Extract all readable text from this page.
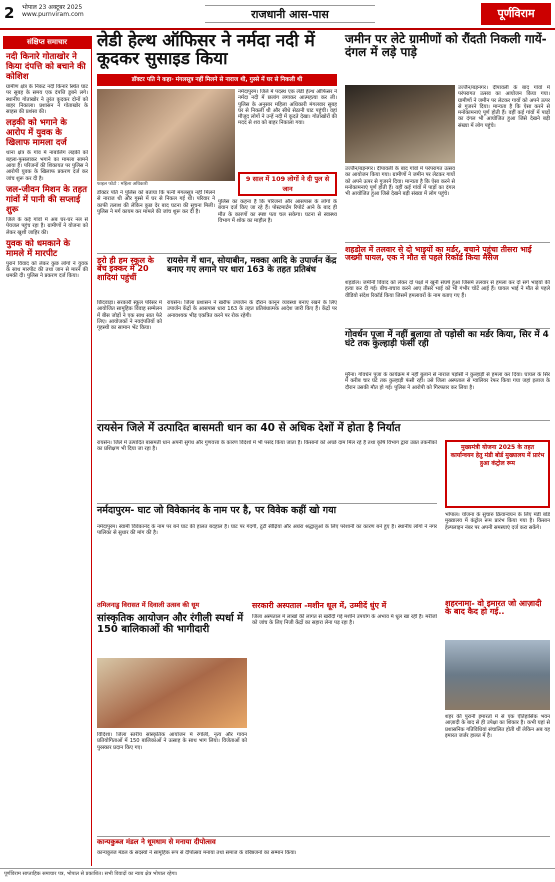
2 भोपाल 23 अक्टूबर 2025
www.purnviram.com	राजधानी आस-पास	पूर्णविराम
संक्षिप्त समाचार
नदी किनारे गोताखोर ने किया दंपत्ति को बचाने की कोशिश
ग्रामीण क्षेत्र के निकट नदी किनारे स्थित घाट पर सुबह के समय एक दंपत्ति डूबने लगे। स्थानीय गोताखोर ने तुरंत कूदकर दोनों को बाहर निकाला। प्रशासन ने गोताखोर के साहस की प्रशंसा की।
लड़की को भगाने के आरोप में युवक के खिलाफ मामला दर्ज
थाना क्षेत्र के गांव में नाबालिग लड़की को बहला-फुसलाकर भगाने का मामला सामने आया है। परिजनों की शिकायत पर पुलिस ने आरोपी युवक के खिलाफ प्रकरण दर्ज कर जांच शुरू कर दी है।
जल-जीवन मिशन के तहत गांवों में पानी की सप्लाई शुरू
जिले के कई गांवों में अब घर-घर नल से पेयजल पहुंच रहा है। ग्रामीणों ने योजना को लेकर खुशी जाहिर की।
युवक को धमकाने के मामले में मारपीट
पुराने विवाद को लेकर कुछ लोगों ने युवक के साथ मारपीट की तथा जान से मारने की धमकी दी। पुलिस ने प्रकरण दर्ज किया।
लेडी हेल्थ ऑफिसर ने नर्मदा नदी में कूदकर सुसाइड किया
डॉक्टर पति ने कहा- मंगलसूत्र नहीं मिलने से नाराज थी, गुस्से में घर से निकली थी
फाइल फोटो : महिला अधिकारी
नर्मदापुरम। जिले में पदस्थ एक लेडी हेल्थ ऑफिसर ने नर्मदा नदी में छलांग लगाकर आत्महत्या कर ली। पुलिस के अनुसार महिला अधिकारी मंगलवार सुबह घर से निकली थी और सीधे सेठानी घाट पहुंची। वहां मौजूद लोगों ने उन्हें नदी में कूदते देखा। गोताखोरों की मदद से शव को बाहर निकाला गया।
9 साल में 109 लोगों ने दी पुल से जान
डॉक्टर पति ने पुलिस को बताया कि पत्नी मंगलसूत्र नहीं मिलने से नाराज थी और गुस्से में घर से निकल गई थी। परिवार ने काफी तलाश की लेकिन कुछ देर बाद घटना की सूचना मिली। पुलिस ने मर्ग कायम कर मामले की जांच शुरू कर दी है।
पुलिस का कहना है कि परिजनों और आसपास के लोगों के बयान दर्ज किए जा रहे हैं। पोस्टमार्टम रिपोर्ट आने के बाद ही मौत के कारणों का स्पष्ट पता चल सकेगा। घटना से स्वास्थ्य विभाग में शोक का माहौल है।
जमीन पर लेटे ग्रामीणों को रौंदती निकली गायें- दंगल में लड़े पाड़े
उज्जैन/बड़नगर। दीपावली के बाद गांवों में परंपरागत उत्सव का आयोजन किया गया। ग्रामीणों ने जमीन पर लेटकर गायों को अपने ऊपर से गुजरने दिया। मान्यता है कि ऐसा करने से मनोकामनाएं पूर्ण होती हैं। वहीं कई गांवों में पाड़ों का दंगल भी आयोजित हुआ जिसे देखने बड़ी संख्या में लोग पहुंचे।
उज्जैन/बड़नगर। दीपावली के बाद गांवों में परंपरागत उत्सव का आयोजन किया गया। ग्रामीणों ने जमीन पर लेटकर गायों को अपने ऊपर से गुजरने दिया। मान्यता है कि ऐसा करने से मनोकामनाएं पूर्ण होती हैं। वहीं कई गांवों में पाड़ों का दंगल भी आयोजित हुआ जिसे देखने बड़ी संख्या में लोग पहुंचे।
शहडोल में तलवार से दो भाइयों का मर्डर, बचाने पहुंचा तीसरा भाई जख्मी घायल, एक ने मौत से पहले रिकॉर्ड किया मैसेज
शहडोल। जमीनी विवाद को लेकर दो पक्षों में खूनी संघर्ष हुआ जिसमें तलवार से हमला कर दो सगे भाइयों की हत्या कर दी गई। बीच-बचाव करने आए तीसरे भाई को भी गंभीर चोटें आई हैं। घायल भाई ने मौत से पहले वीडियो संदेश रिकॉर्ड किया जिसमें हमलावरों के नाम बताए गए हैं।
डरो ही हम स्कूल के बेंच इक्कर में 20 शादियां पहुंचीं
छिंदवाड़ा। सरकारी स्कूल परिसर में आयोजित सामूहिक विवाह सम्मेलन में बीस जोड़ों ने एक साथ सात फेरे लिए। आयोजकों ने नवदंपतियों को गृहस्थी का सामान भेंट किया।
रायसेन में धान, सोयाबीन, मक्का आदि के उपार्जन केंद्र बनाए गए लगाने पर धारा 163 के तहत प्रतिबंध
रायसेन। जिला प्रशासन ने खरीफ उपार्जन के दौरान कानून व्यवस्था बनाए रखने के लिए उपार्जन केंद्रों के आसपास धारा 163 के तहत प्रतिबंधात्मक आदेश जारी किए हैं। केंद्रों पर अनावश्यक भीड़ एकत्रित करने पर रोक रहेगी।
गोवर्धन पूजा में नहीं बुलाया तो पड़ोसी का मर्डर किया, सिर में 4 घंटे तक कुल्हाड़ी फंसी रही
मुरैना। गोवर्धन पूजा के कार्यक्रम में नहीं बुलाने से नाराज पड़ोसी ने कुल्हाड़ी से हमला कर दिया। घायल के सिर में करीब चार घंटे तक कुल्हाड़ी फंसी रही। उसे जिला अस्पताल से ग्वालियर रेफर किया गया जहां इलाज के दौरान उसकी मौत हो गई। पुलिस ने आरोपी को गिरफ्तार कर लिया है।
रायसेन जिले में उत्पादित बासमती धान का 40 से अधिक देशों में होता है निर्यात
रायसेन। जिले में उत्पादित बासमती धान अपनी सुगंध और गुणवत्ता के कारण विदेशों में भी पसंद किया जाता है। किसानों को अच्छे दाम मिल रहे हैं तथा कृषि विभाग द्वारा उन्नत तकनीकों का प्रशिक्षण भी दिया जा रहा है।	मुख्यमंत्री योजना 2025 के तहत कार्यान्वयन हेतु मंडी बोर्ड मुख्यालय में प्रारंभ हुआ कंट्रोल रूम
भोपाल। योजना के सुचारु क्रियान्वयन के लिए मंडी बोर्ड मुख्यालय में कंट्रोल रूम प्रारंभ किया गया है। किसान हेल्पलाइन नंबर पर अपनी समस्याएं दर्ज करा सकेंगे।
शहरनामा- वो इमारत जो आज़ादी के बाद कैद हो गई..
शहर की पुरानी इमारतों में से एक ऐतिहासिक भवन आज़ादी के बाद से ही उपेक्षा का शिकार है। कभी यहां से प्रशासनिक गतिविधियां संचालित होती थीं लेकिन अब यह इमारत जर्जर हालत में है।
नर्मदापुरम- घाट जो विवेकानंद के नाम पर है, पर विवेक कहीं खो गया
नर्मदापुरम। स्वामी विवेकानंद के नाम पर बने घाट की हालत बदहाल है। घाट पर गंदगी, टूटी सीढ़ियां और अंधेरा श्रद्धालुओं के लिए परेशानी का कारण बने हुए हैं। स्थानीय लोगों ने नगर पालिका से सुधार की मांग की है।
तमिलनाडु विरासत में दिवाली उत्सव की धूम
सांस्कृतिक आयोजन और रंगीली स्पर्धा में 150 बालिकाओं की भागीदारी
विदिशा। जिला स्तरीय सांस्कृतिक आयोजन में रंगोली, नृत्य और गायन प्रतियोगिताओं में 150 बालिकाओं ने उत्साह के साथ भाग लिया। विजेताओं को पुरस्कार प्रदान किए गए।
सरकारी अस्पताल -मशीन धूल में, उम्मीदें धुंए में
जिला अस्पताल में लाखों की लागत से खरीदी गई मशीनें उपयोग के अभाव में धूल खा रही हैं। मरीजों को जांच के लिए निजी केंद्रों का सहारा लेना पड़ रहा है।
कान्यकुब्ज मंडल ने धूमधाम से मनाया दीपोत्सव
कान्यकुब्ज मंडल के सदस्यों ने सामूहिक रूप से दीपोत्सव मनाया तथा समाज के वरिष्ठजनों का सम्मान किया।
पूर्णविराम साप्ताहिक समाचार पत्र, भोपाल से प्रकाशित। सभी विवादों का न्याय क्षेत्र भोपाल रहेगा।
